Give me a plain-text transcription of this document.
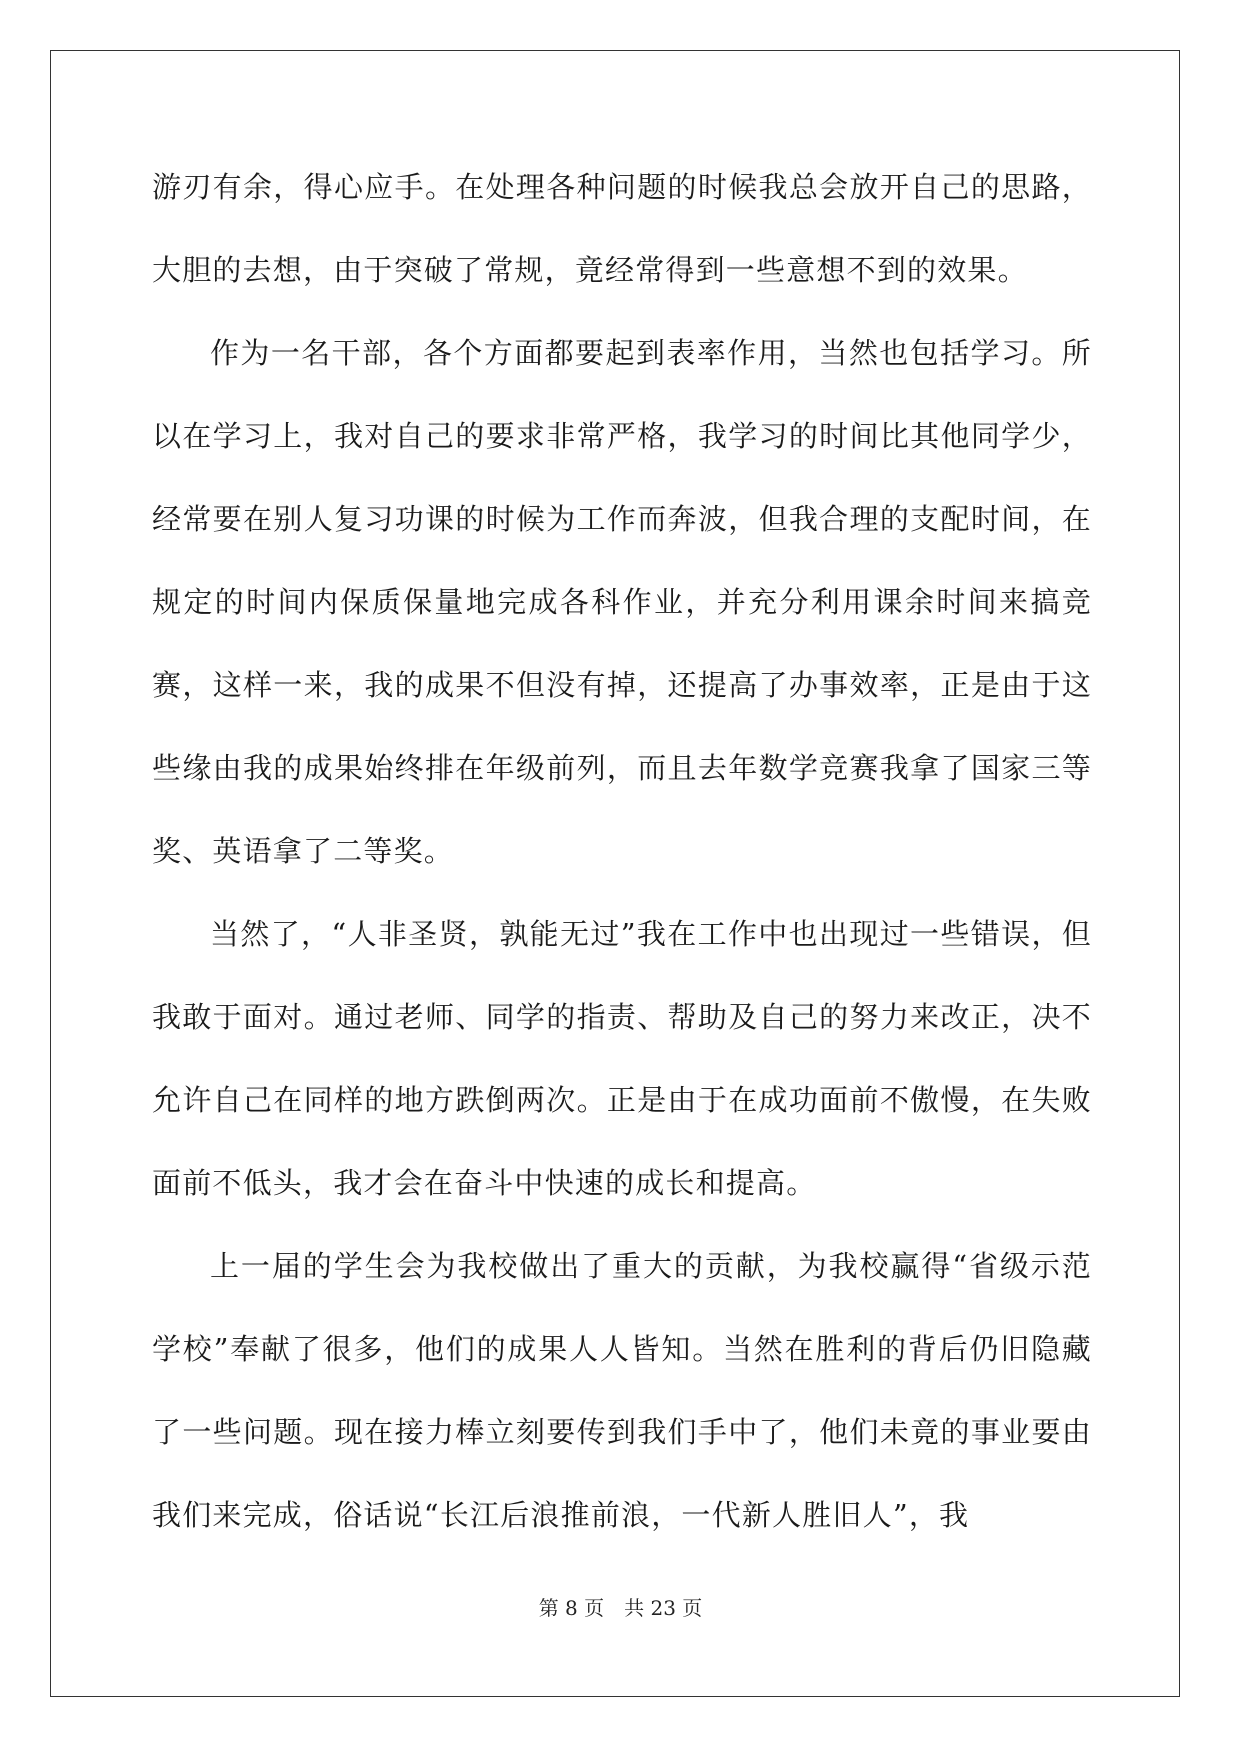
游刃有余，得心应手。在处理各种问题的时候我总会放开自己的思路，大胆的去想，由于突破了常规，竟经常得到一些意想不到的效果。

作为一名干部，各个方面都要起到表率作用，当然也包括学习。所以在学习上，我对自己的要求非常严格，我学习的时间比其他同学少，经常要在别人复习功课的时候为工作而奔波，但我合理的支配时间，在规定的时间内保质保量地完成各科作业，并充分利用课余时间来搞竞赛，这样一来，我的成果不但没有掉，还提高了办事效率，正是由于这些缘由我的成果始终排在年级前列，而且去年数学竞赛我拿了国家三等奖、英语拿了二等奖。

当然了，“人非圣贤，孰能无过”我在工作中也出现过一些错误，但我敢于面对。通过老师、同学的指责、帮助及自己的努力来改正，决不允许自己在同样的地方跌倒两次。正是由于在成功面前不傲慢，在失败面前不低头，我才会在奋斗中快速的成长和提高。

上一届的学生会为我校做出了重大的贡献，为我校赢得“省级示范学校”奉献了很多，他们的成果人人皆知。当然在胜利的背后仍旧隐藏了一些问题。现在接力棒立刻要传到我们手中了，他们未竟的事业要由我们来完成，俗话说“长江后浪推前浪，一代新人胜旧人”，我

第 8 页　共 23 页
